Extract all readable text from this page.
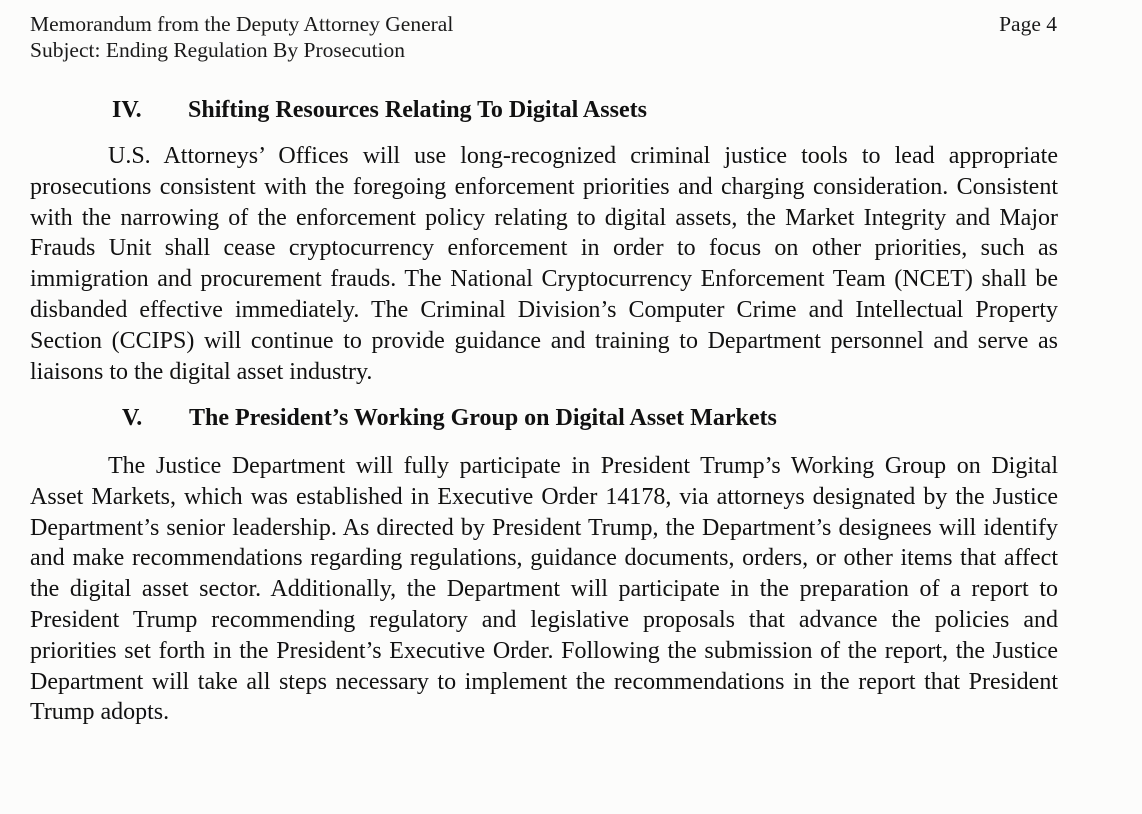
Memorandum from the Deputy Attorney General
Subject: Ending Regulation By Prosecution
Page 4
IV. Shifting Resources Relating To Digital Assets

U.S. Attorneys’ Offices will use long-recognized criminal justice tools to lead appropriate prosecutions consistent with the foregoing enforcement priorities and charging consideration. Consistent with the narrowing of the enforcement policy relating to digital assets, the Market Integrity and Major Frauds Unit shall cease cryptocurrency enforcement in order to focus on other priorities, such as immigration and procurement frauds. The National Cryptocurrency Enforcement Team (NCET) shall be disbanded effective immediately. The Criminal Division’s Computer Crime and Intellectual Property Section (CCIPS) will continue to provide guidance and training to Department personnel and serve as liaisons to the digital asset industry.

V. The President’s Working Group on Digital Asset Markets

The Justice Department will fully participate in President Trump’s Working Group on Digital Asset Markets, which was established in Executive Order 14178, via attorneys designated by the Justice Department’s senior leadership. As directed by President Trump, the Department’s designees will identify and make recommendations regarding regulations, guidance documents, orders, or other items that affect the digital asset sector. Additionally, the Department will participate in the preparation of a report to President Trump recommending regulatory and legislative proposals that advance the policies and priorities set forth in the President’s Executive Order. Following the submission of the report, the Justice Department will take all steps necessary to implement the recommendations in the report that President Trump adopts.
